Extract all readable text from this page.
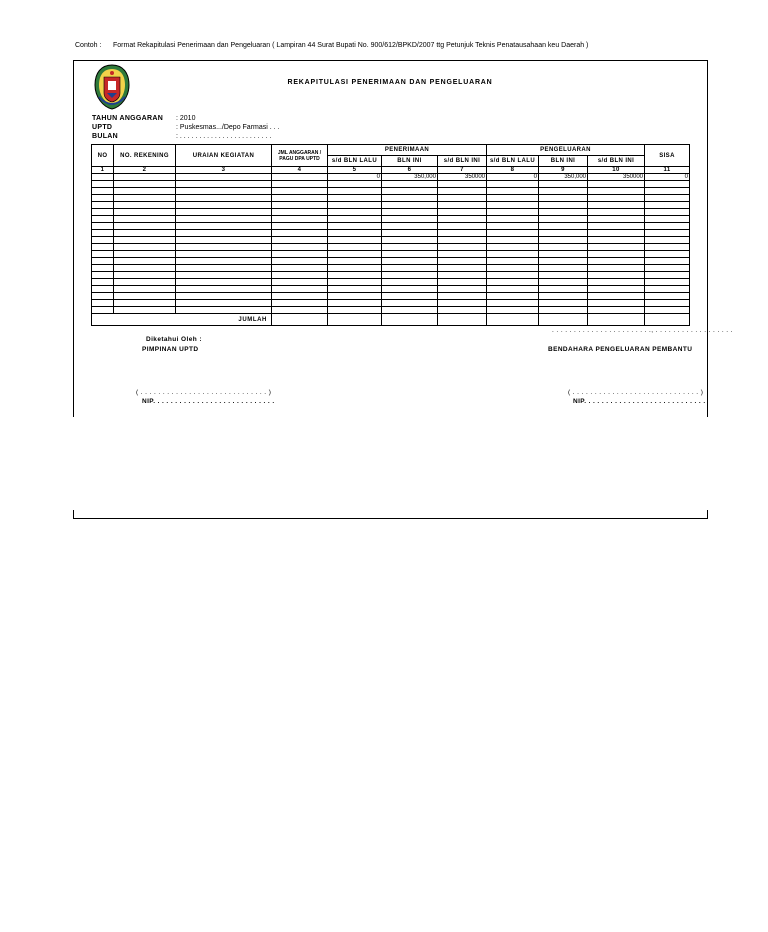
Contoh : Format Rekapitulasi Penerimaan dan Pengeluaran ( Lampiran 44 Surat Bupati No. 900/612/BPKD/2007 ttg Petunjuk Teknis Penatausahaan keu Daerah )
REKAPITULASI PENERIMAAN DAN PENGELUARAN
TAHUN ANGGARAN : 2010
UPTD	: Puskesmas.../Depo Farmasi . . .
BULAN	: . . . . . . . . . . . . . . . . . . . . . . . .
NO	NO. REKENING	URAIAN KEGIATAN	JML ANGGARAN /
PAGU DPA UPTD	PENERIMAAN			PENGELUARAN			SISA
				s/d BLN LALU	BLN INI	s/d BLN INI	s/d BLN LALU	BLN INI	s/d BLN INI	
1	2	3	4	5	6	7	8	9	10	11
				0	350,000	350000	0	350,000	350000	0

JUMLAH										
Diketahui Oleh :
PIMPINAN UPTD
. . . . . . . . . . . . . . . . . . . . . . ., . . . . . . . . . . . . . . . . . .
BENDAHARA PENGELUARAN PEMBANTU
( . . . . . . . . . . . . . . . . . . . . . . . . . . . . . )
NIP. . . . . . . . . . . . . . . . . . . . . . . . . . . .
( . . . . . . . . . . . . . . . . . . . . . . . . . . . . . )
NIP. . . . . . . . . . . . . . . . . . . . . . . . . . . .
